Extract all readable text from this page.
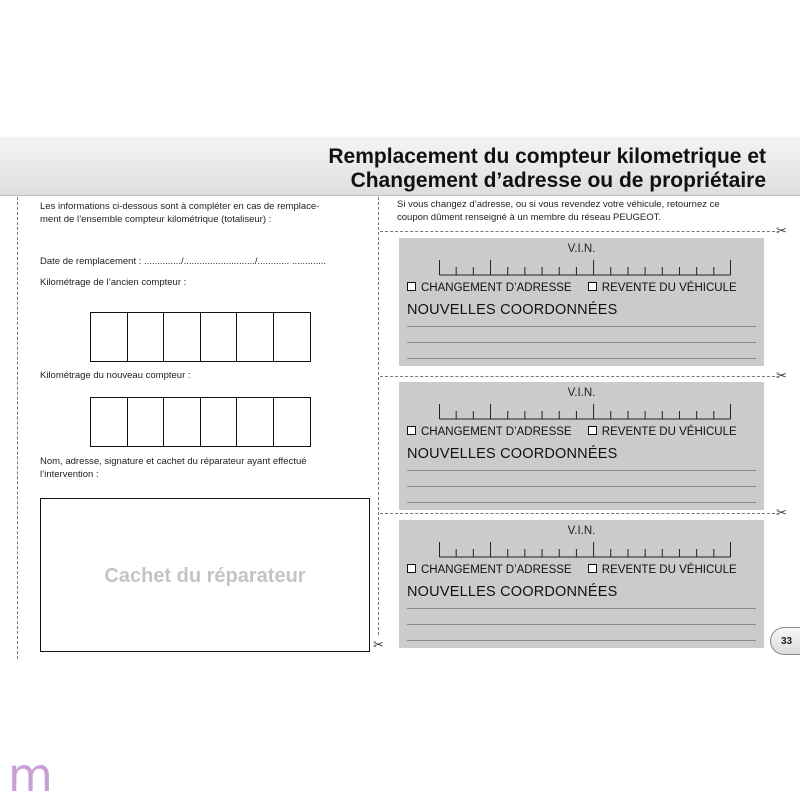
Remplacement du compteur kilometrique et
Changement d’adresse ou de propriétaire
Les informations ci-dessous sont à compléter en cas de remplace-
ment de l’ensemble compteur kilométrique (totaliseur) :
Date de remplacement : ............../.........................../............ .............
Kilométrage de l’ancien compteur :
Kilométrage du nouveau compteur :
Nom, adresse, signature et cachet du réparateur ayant effectué
l’intervention :
Cachet du réparateur
✂
Si vous changez d’adresse, ou si vous revendez votre véhicule, retournez ce
coupon dûment renseigné à un membre du réseau PEUGEOT.
✂
✂
✂
V.I.N.
CHANGEMENT D’ADRESSE	REVENTE DU VÉHICULE
NOUVELLES COORDONNÉES
V.I.N.
CHANGEMENT D’ADRESSE	REVENTE DU VÉHICULE
NOUVELLES COORDONNÉES
V.I.N.
CHANGEMENT D’ADRESSE	REVENTE DU VÉHICULE
NOUVELLES COORDONNÉES
33
m
